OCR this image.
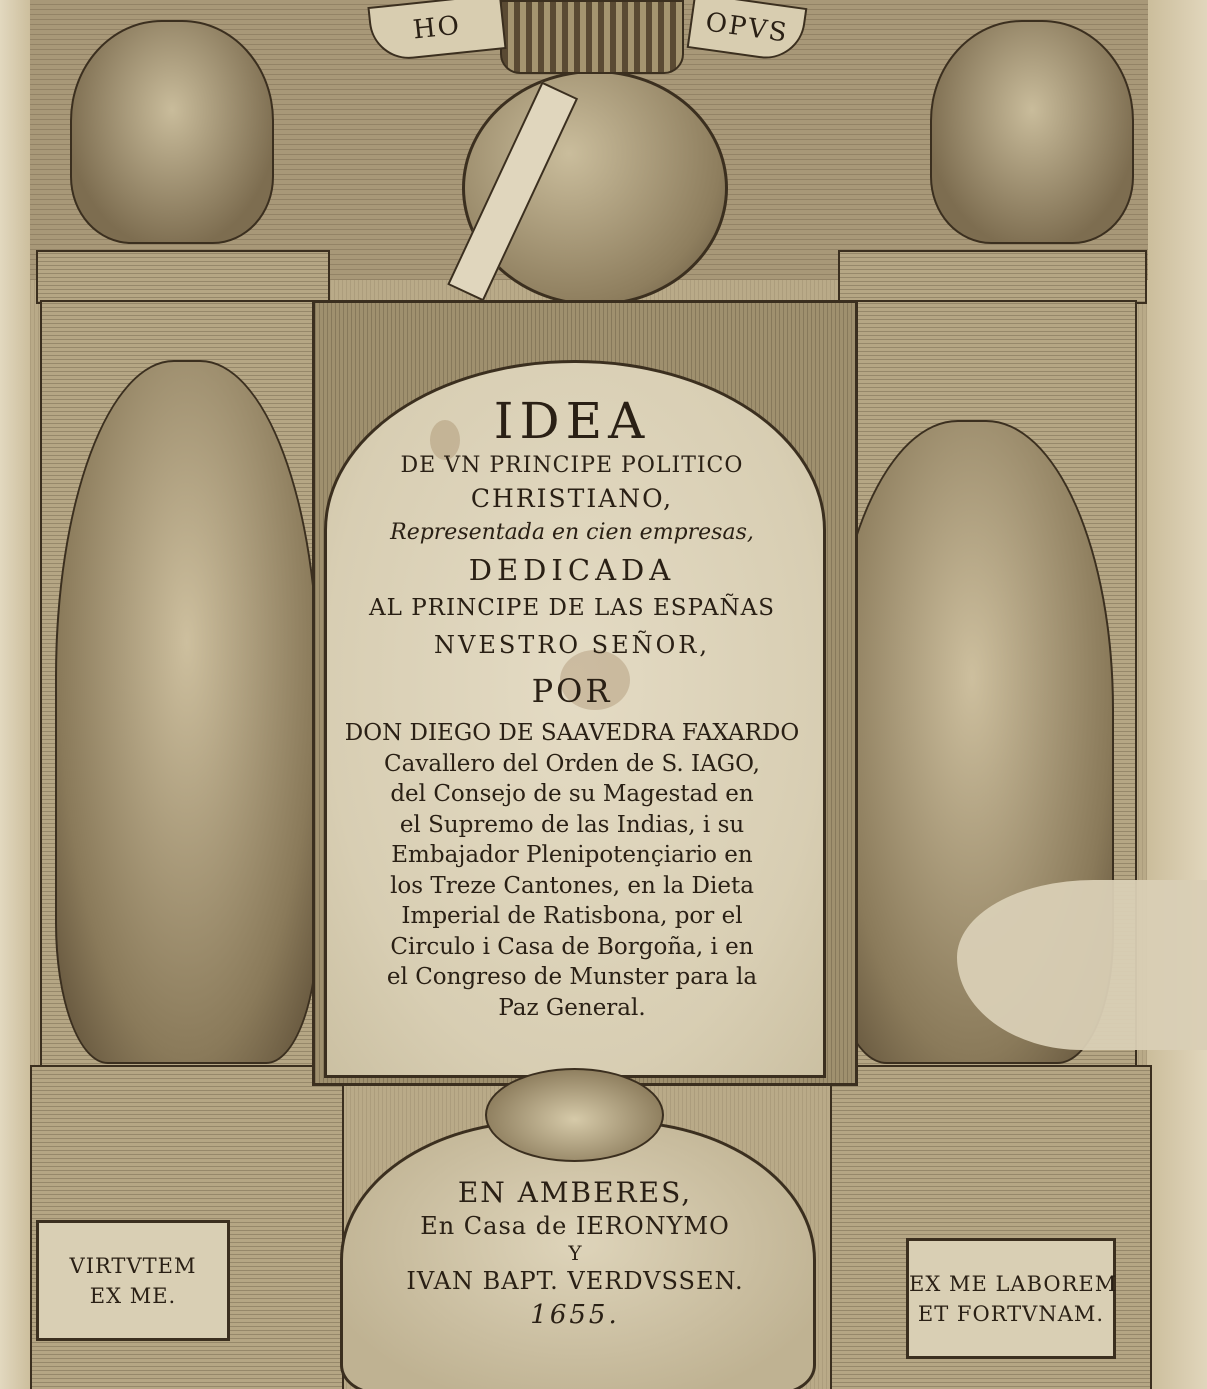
HO	OPVS
IDEA
DE VN PRINCIPE POLITICO
CHRISTIANO,
Representada en cien empresas,
DEDICADA
AL PRINCIPE DE LAS ESPAÑAS
NVESTRO SEÑOR,
POR
DON DIEGO DE SAAVEDRA FAXARDO
Cavallero del Orden de S. IAGO,
del Consejo de su Magestad en
el Supremo de las Indias, i su
Embajador Plenipotençiario en
los Treze Cantones, en la Dieta
Imperial de Ratisbona, por el
Circulo i Casa de Borgoña, i en
el Congreso de Munster para la
Paz General.
EN AMBERES,
En Casa de IERONYMO
Y
IVAN BAPT. VERDVSSEN.
1655.
VIRTVTEM
EX ME.	EX ME LABOREM
ET FORTVNAM.
